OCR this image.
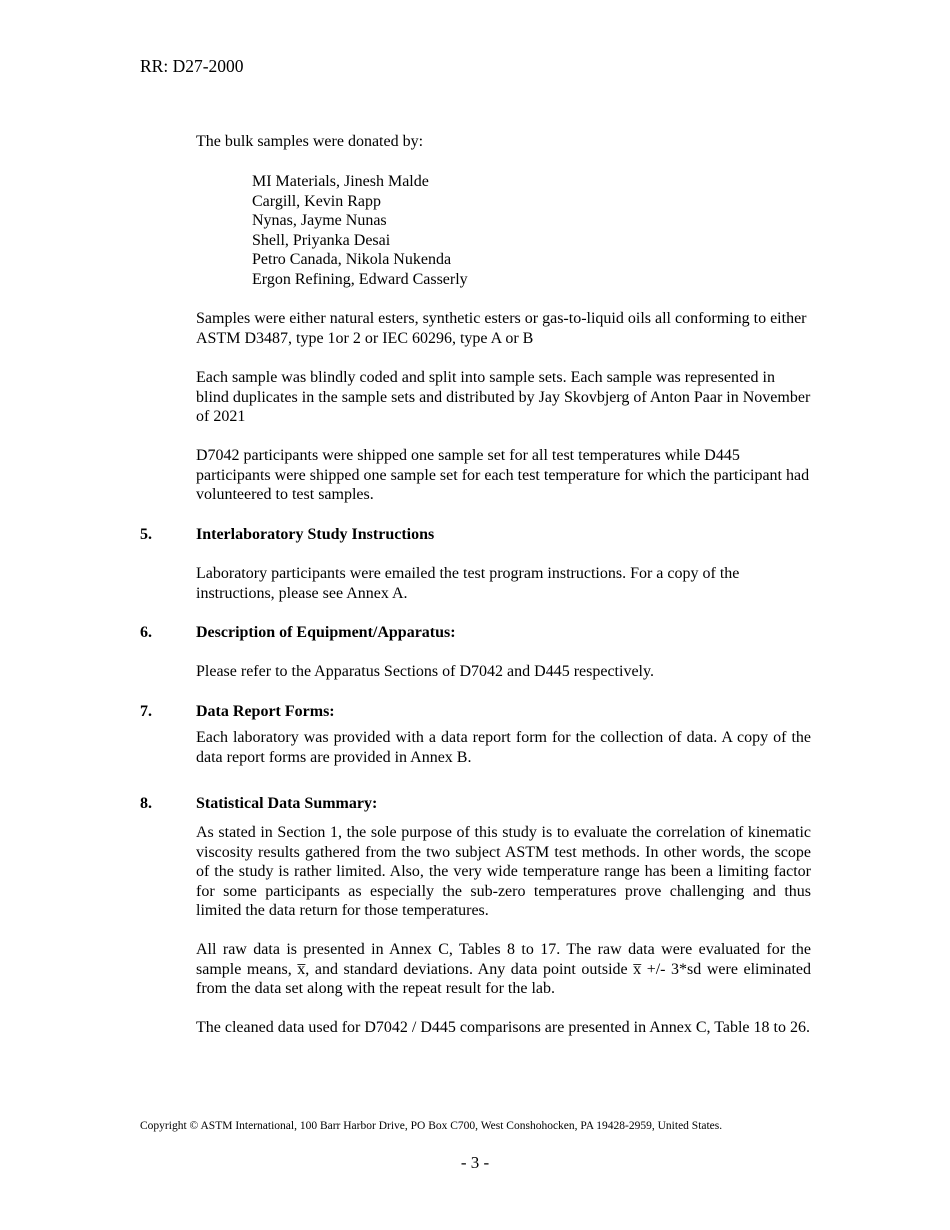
RR: D27-2000

The bulk samples were donated by:

MI Materials, Jinesh Malde
Cargill, Kevin Rapp
Nynas, Jayme Nunas
Shell, Priyanka Desai
Petro Canada, Nikola Nukenda
Ergon Refining, Edward Casserly

Samples were either natural esters, synthetic esters or gas-to-liquid oils all conforming to either ASTM D3487, type 1or 2 or IEC 60296, type A or B

Each sample was blindly coded and split into sample sets. Each sample was represented in blind duplicates in the sample sets and distributed by Jay Skovbjerg of Anton Paar in November of 2021

D7042 participants were shipped one sample set for all test temperatures while D445 participants were shipped one sample set for each test temperature for which the participant had volunteered to test samples.

5.	Interlaboratory Study Instructions

Laboratory participants were emailed the test program instructions. For a copy of the instructions, please see Annex A.

6.	Description of Equipment/Apparatus:

Please refer to the Apparatus Sections of D7042 and D445 respectively.

7.	Data Report Forms:

Each laboratory was provided with a data report form for the collection of data. A copy of the data report forms are provided in Annex B.

8.	Statistical Data Summary:

As stated in Section 1, the sole purpose of this study is to evaluate the correlation of kinematic viscosity results gathered from the two subject ASTM test methods. In other words, the scope of the study is rather limited. Also, the very wide temperature range has been a limiting factor for some participants as especially the sub-zero temperatures prove challenging and thus limited the data return for those temperatures.

All raw data is presented in Annex C, Tables 8 to 17. The raw data were evaluated for the sample means, x̅, and standard deviations. Any data point outside x̅ +/- 3*sd were eliminated from the data set along with the repeat result for the lab.

The cleaned data used for D7042 / D445 comparisons are presented in Annex C, Table 18 to 26.

Copyright © ASTM International, 100 Barr Harbor Drive, PO Box C700, West Conshohocken, PA 19428-2959, United States.
- 3 -
